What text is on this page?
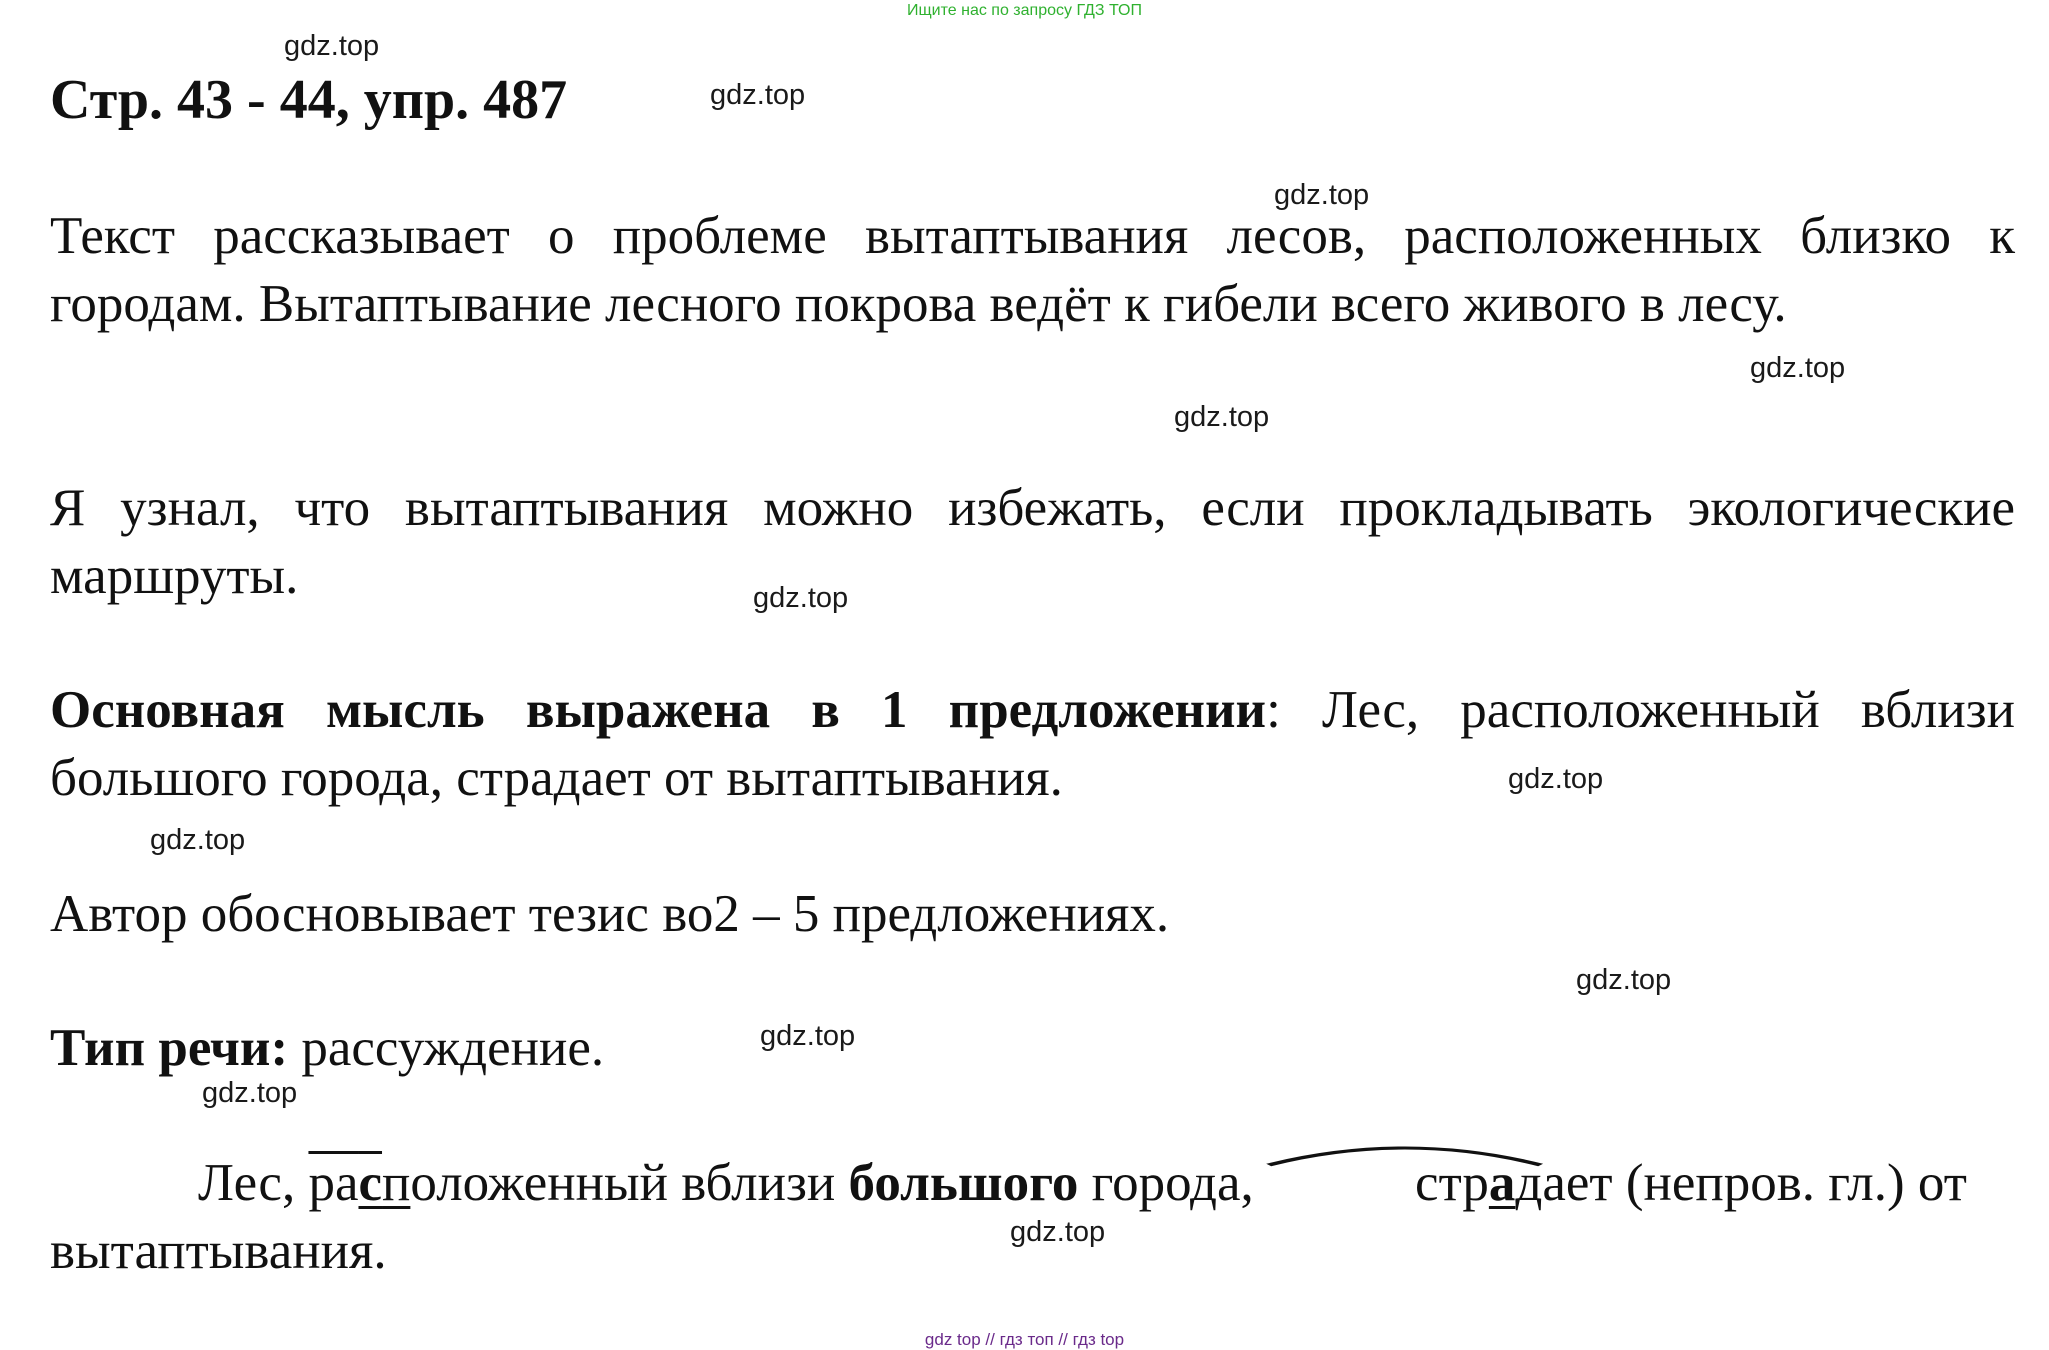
Ищите нас по запросу ГДЗ ТОП
Стр. 43 - 44, упр. 487

Текст рассказывает о проблеме вытаптывания лесов, расположенных близко к городам. Вытаптывание лесного покрова ведёт к гибели всего живого в лесу.

Я узнал, что вытаптывания можно избежать, если прокладывать экологические маршруты.

Основная мысль выражена в 1 предложении: Лес, расположенный вблизи большого города, страдает от вытаптывания.

Автор обосновывает тезис во2 – 5 предложениях.

Тип речи: рассуждение.

Лес, расположенный вблизи большого города,	страдает (непров. гл.) от
вытаптывания.

gdz.top
gdz.top
gdz.top
gdz.top
gdz.top
gdz.top
gdz.top
gdz.top
gdz.top
gdz.top
gdz.top
gdz.top
gdz top // гдз топ // гдз top
